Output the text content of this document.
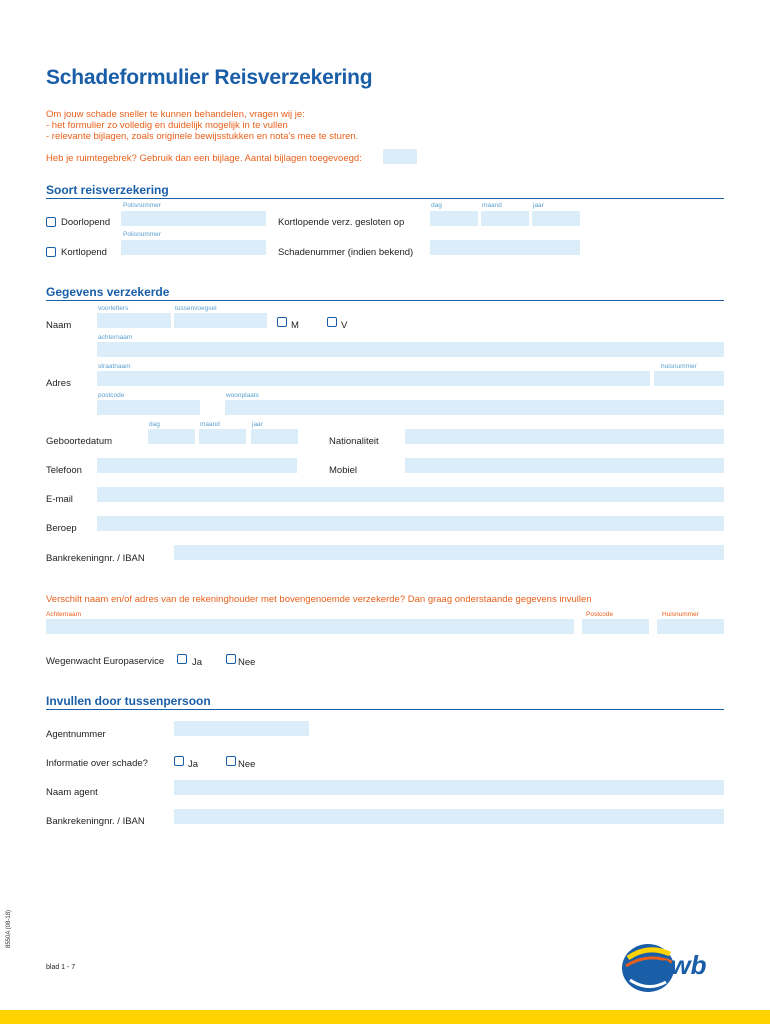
Schadeformulier Reisverzekering
Om jouw schade sneller te kunnen behandelen, vragen wij je:
- het formulier zo volledig en duidelijk mogelijk in te vullen
- relevante bijlagen, zoals originele bewijsstukken en nota's mee te sturen.
Heb je ruimtegebrek? Gebruik dan een bijlage. Aantal bijlagen toegevoegd:
Soort reisverzekering
Polisnummer
Doorlopend	Kortlopende verz. gesloten op
dag	maand	jaar
Polisnummer
Kortlopend	Schadenummer (indien bekend)
Gegevens verzekerde
voorletters	tussenvoegsel
Naam	M	V
achternaam
straatnaam	huisnummer
Adres
postcode	woonplaats
dag	maand	jaar
Geboortedatum	Nationaliteit
Telefoon	Mobiel
E-mail
Beroep
Bankrekeningnr. / IBAN
Verschilt naam en/of adres van de rekeninghouder met bovengenoemde verzekerde? Dan graag onderstaande gegevens invullen
Achternaam	Postcode	Huisnummer
Wegenwacht Europaservice	Ja	Nee
Invullen door tussenpersoon
Agentnummer
Informatie over schade?	Ja	Nee
Naam agent
Bankrekeningnr. / IBAN
8550A (08-18)
blad 1 - 7	anwb
